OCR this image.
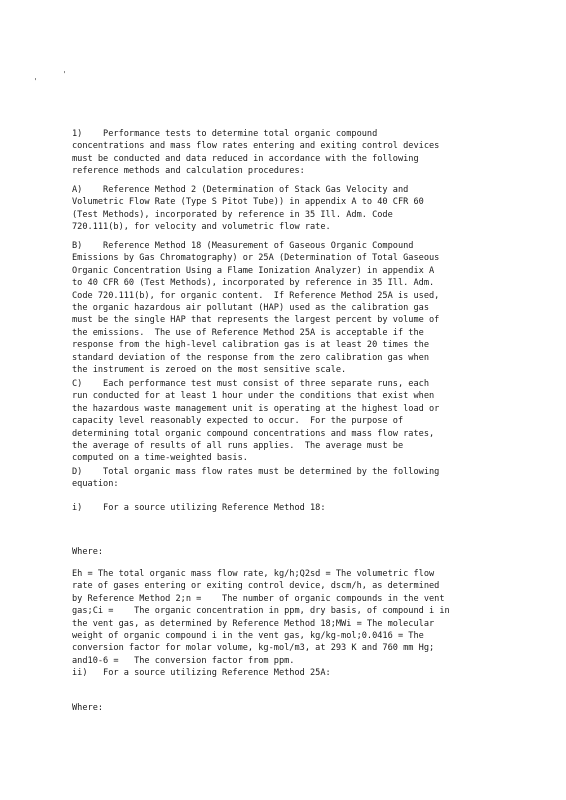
'
'

1)    Performance tests to determine total organic compound
concentrations and mass flow rates entering and exiting control devices
must be conducted and data reduced in accordance with the following
reference methods and calculation procedures:

A)    Reference Method 2 (Determination of Stack Gas Velocity and
Volumetric Flow Rate (Type S Pitot Tube)) in appendix A to 40 CFR 60
(Test Methods), incorporated by reference in 35 Ill. Adm. Code
720.111(b), for velocity and volumetric flow rate.

B)    Reference Method 18 (Measurement of Gaseous Organic Compound
Emissions by Gas Chromatography) or 25A (Determination of Total Gaseous
Organic Concentration Using a Flame Ionization Analyzer) in appendix A
to 40 CFR 60 (Test Methods), incorporated by reference in 35 Ill. Adm.
Code 720.111(b), for organic content.  If Reference Method 25A is used,
the organic hazardous air pollutant (HAP) used as the calibration gas
must be the single HAP that represents the largest percent by volume of
the emissions.  The use of Reference Method 25A is acceptable if the
response from the high-level calibration gas is at least 20 times the
standard deviation of the response from the zero calibration gas when
the instrument is zeroed on the most sensitive scale.

C)    Each performance test must consist of three separate runs, each
run conducted for at least 1 hour under the conditions that exist when
the hazardous waste management unit is operating at the highest load or
capacity level reasonably expected to occur.  For the purpose of
determining total organic compound concentrations and mass flow rates,
the average of results of all runs applies.  The average must be
computed on a time-weighted basis.

D)    Total organic mass flow rates must be determined by the following
equation:

i)    For a source utilizing Reference Method 18:

Where:

Eh = The total organic mass flow rate, kg/h;Q2sd = The volumetric flow
rate of gases entering or exiting control device, dscm/h, as determined
by Reference Method 2;n =    The number of organic compounds in the vent
gas;Ci =    The organic concentration in ppm, dry basis, of compound i in
the vent gas, as determined by Reference Method 18;MWi = The molecular
weight of organic compound i in the vent gas, kg/kg-mol;0.0416 = The
conversion factor for molar volume, kg-mol/m3, at 293 K and 760 mm Hg;
and10-6 =   The conversion factor from ppm.
ii)   For a source utilizing Reference Method 25A:

Where:
